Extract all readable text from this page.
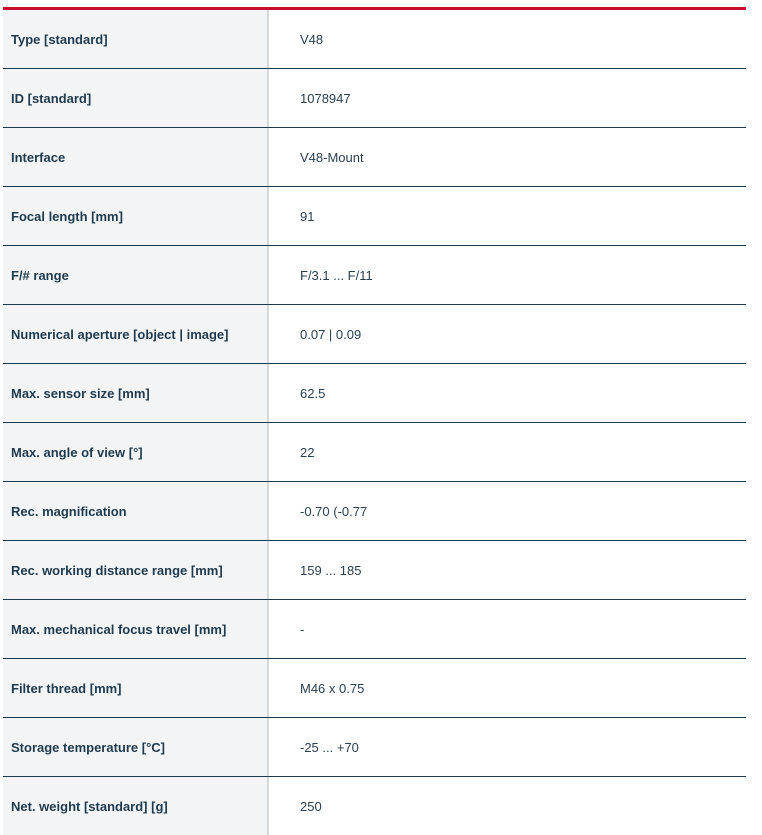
Type [standard]	V48
ID [standard]	1078947
Interface	V48-Mount
Focal length [mm]	91
F/# range	F/3.1 ... F/11
Numerical aperture [object | image]	0.07 | 0.09
Max. sensor size [mm]	62.5
Max. angle of view [°]	22
Rec. magnification	-0.70 (-0.77
Rec. working distance range [mm]	159 ... 185
Max. mechanical focus travel [mm]	-
Filter thread [mm]	M46 x 0.75
Storage temperature [°C]	-25 ... +70
Net. weight [standard] [g]	250
